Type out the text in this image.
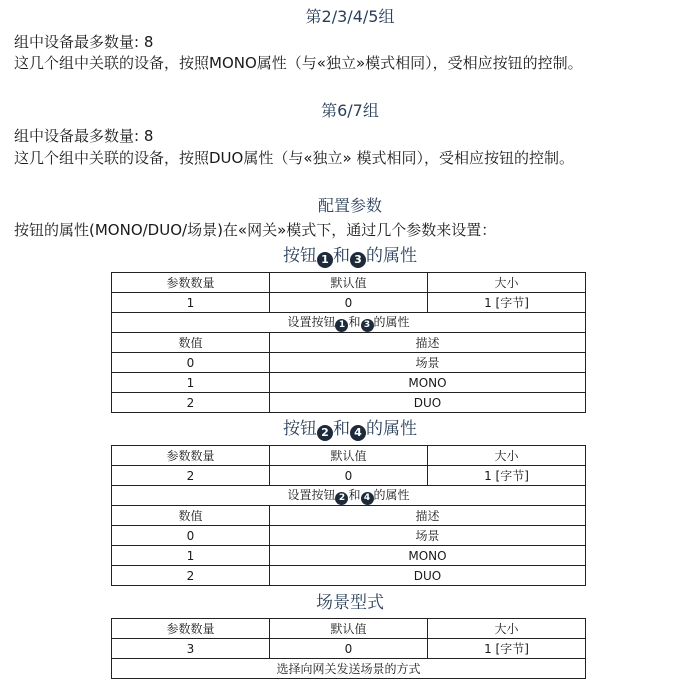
第2/3/4/5组

组中设备最多数量: 8

这几个组中关联的设备，按照MONO属性（与«独立»模式相同），受相应按钮的控制。

第6/7组

组中设备最多数量: 8

这几个组中关联的设备，按照DUO属性（与«独立» 模式相同），受相应按钮的控制。

配置参数

按钮的属性(MONO/DUO/场景)在«网关»模式下，通过几个参数来设置：

按钮 1 和 3 的属性
参数数量	默认值	大小
1	0	1 [字节]
设置按钮 1 和 3 的属性		
数值	描述	
0	场景	
1	MONO	
2	DUO	
按钮 2 和 4 的属性
参数数量	默认值	大小
2	0	1 [字节]
设置按钮 2 和 4 的属性		
数值	描述	
0	场景	
1	MONO	
2	DUO	
场景型式
参数数量	默认值	大小
3	0	1 [字节]
选择向网关发送场景的方式		
